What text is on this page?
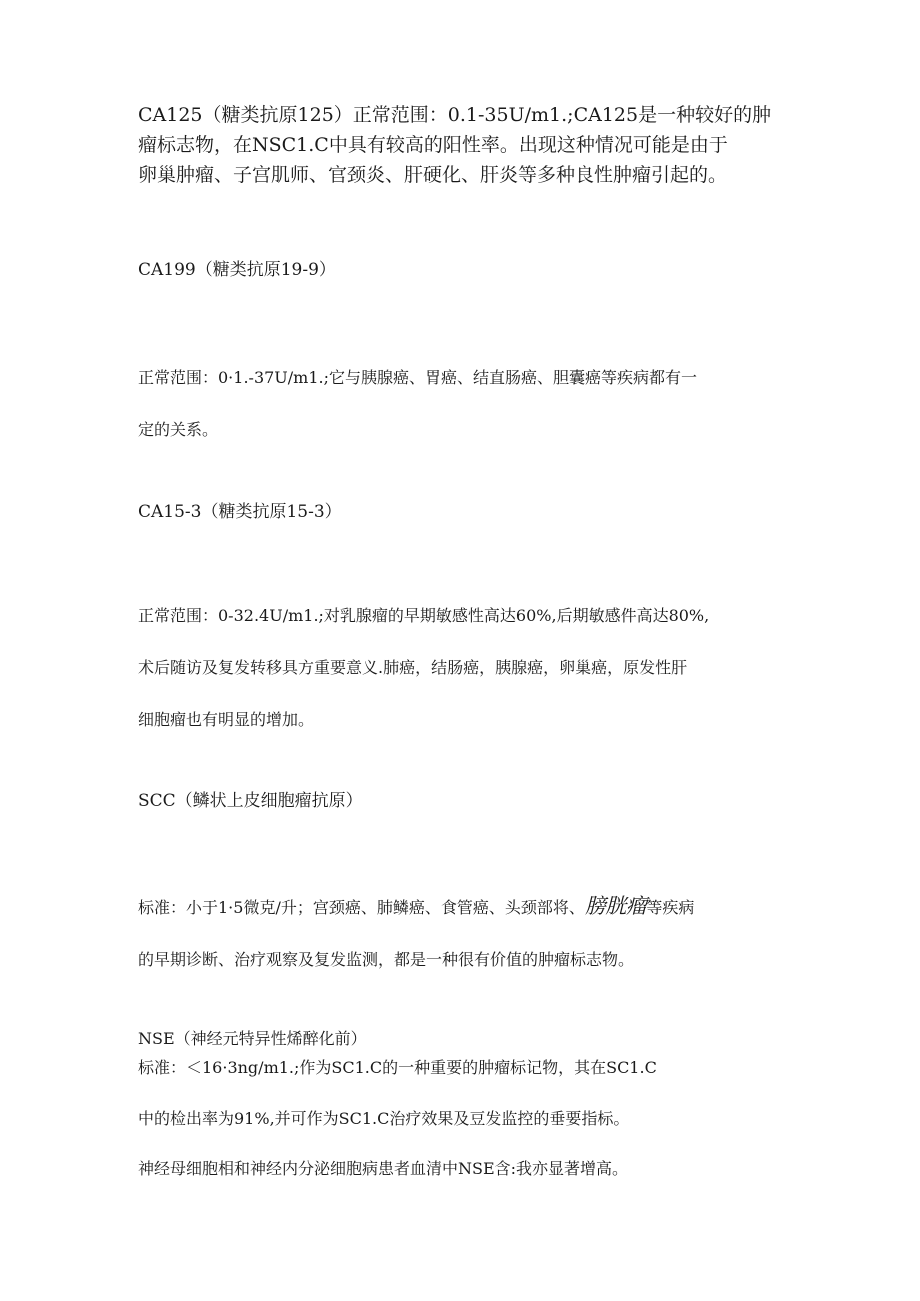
CA125（糖类抗原125）正常范围：0.1-35U/m1.;CA125是一种较好的肿
瘤标志物，在NSC1.C中具有较高的阳性率。出现这种情况可能是由于
卵巢肿瘤、子宫肌师、官颈炎、肝硬化、肝炎等多种良性肿瘤引起的。
CA199（糖类抗原19-9）
正常范围：0·1.-37U/m1.;它与胰腺癌、胃癌、结直肠癌、胆囊癌等疾病都有一
定的关系。
CA15-3（糖类抗原15-3）
正常范围：0-32.4U/m1.;对乳腺瘤的早期敏感性高达60%,后期敏感件高达80%,
术后随访及复发转移具方重要意义.肺癌，结肠癌，胰腺癌，卵巢癌，原发性肝
细胞瘤也有明显的增加。
SCC（鳞状上皮细胞瘤抗原）
标准：小于1·5微克/升；宫颈癌、肺鳞癌、食管癌、头颈部将、膀胱瘤等疾病
的早期诊断、治疗观察及复发监测，都是一种很有价值的肿瘤标志物。
NSE（神经元特异性烯醉化前）
标准：＜16·3ng/m1.;作为SC1.C的一种重要的肿瘤标记物，其在SC1.C
中的检出率为91%,并可作为SC1.C治疗效果及豆发监控的垂要指标。
神经母细胞相和神经内分泌细胞病患者血清中NSE含:我亦显著增高。
